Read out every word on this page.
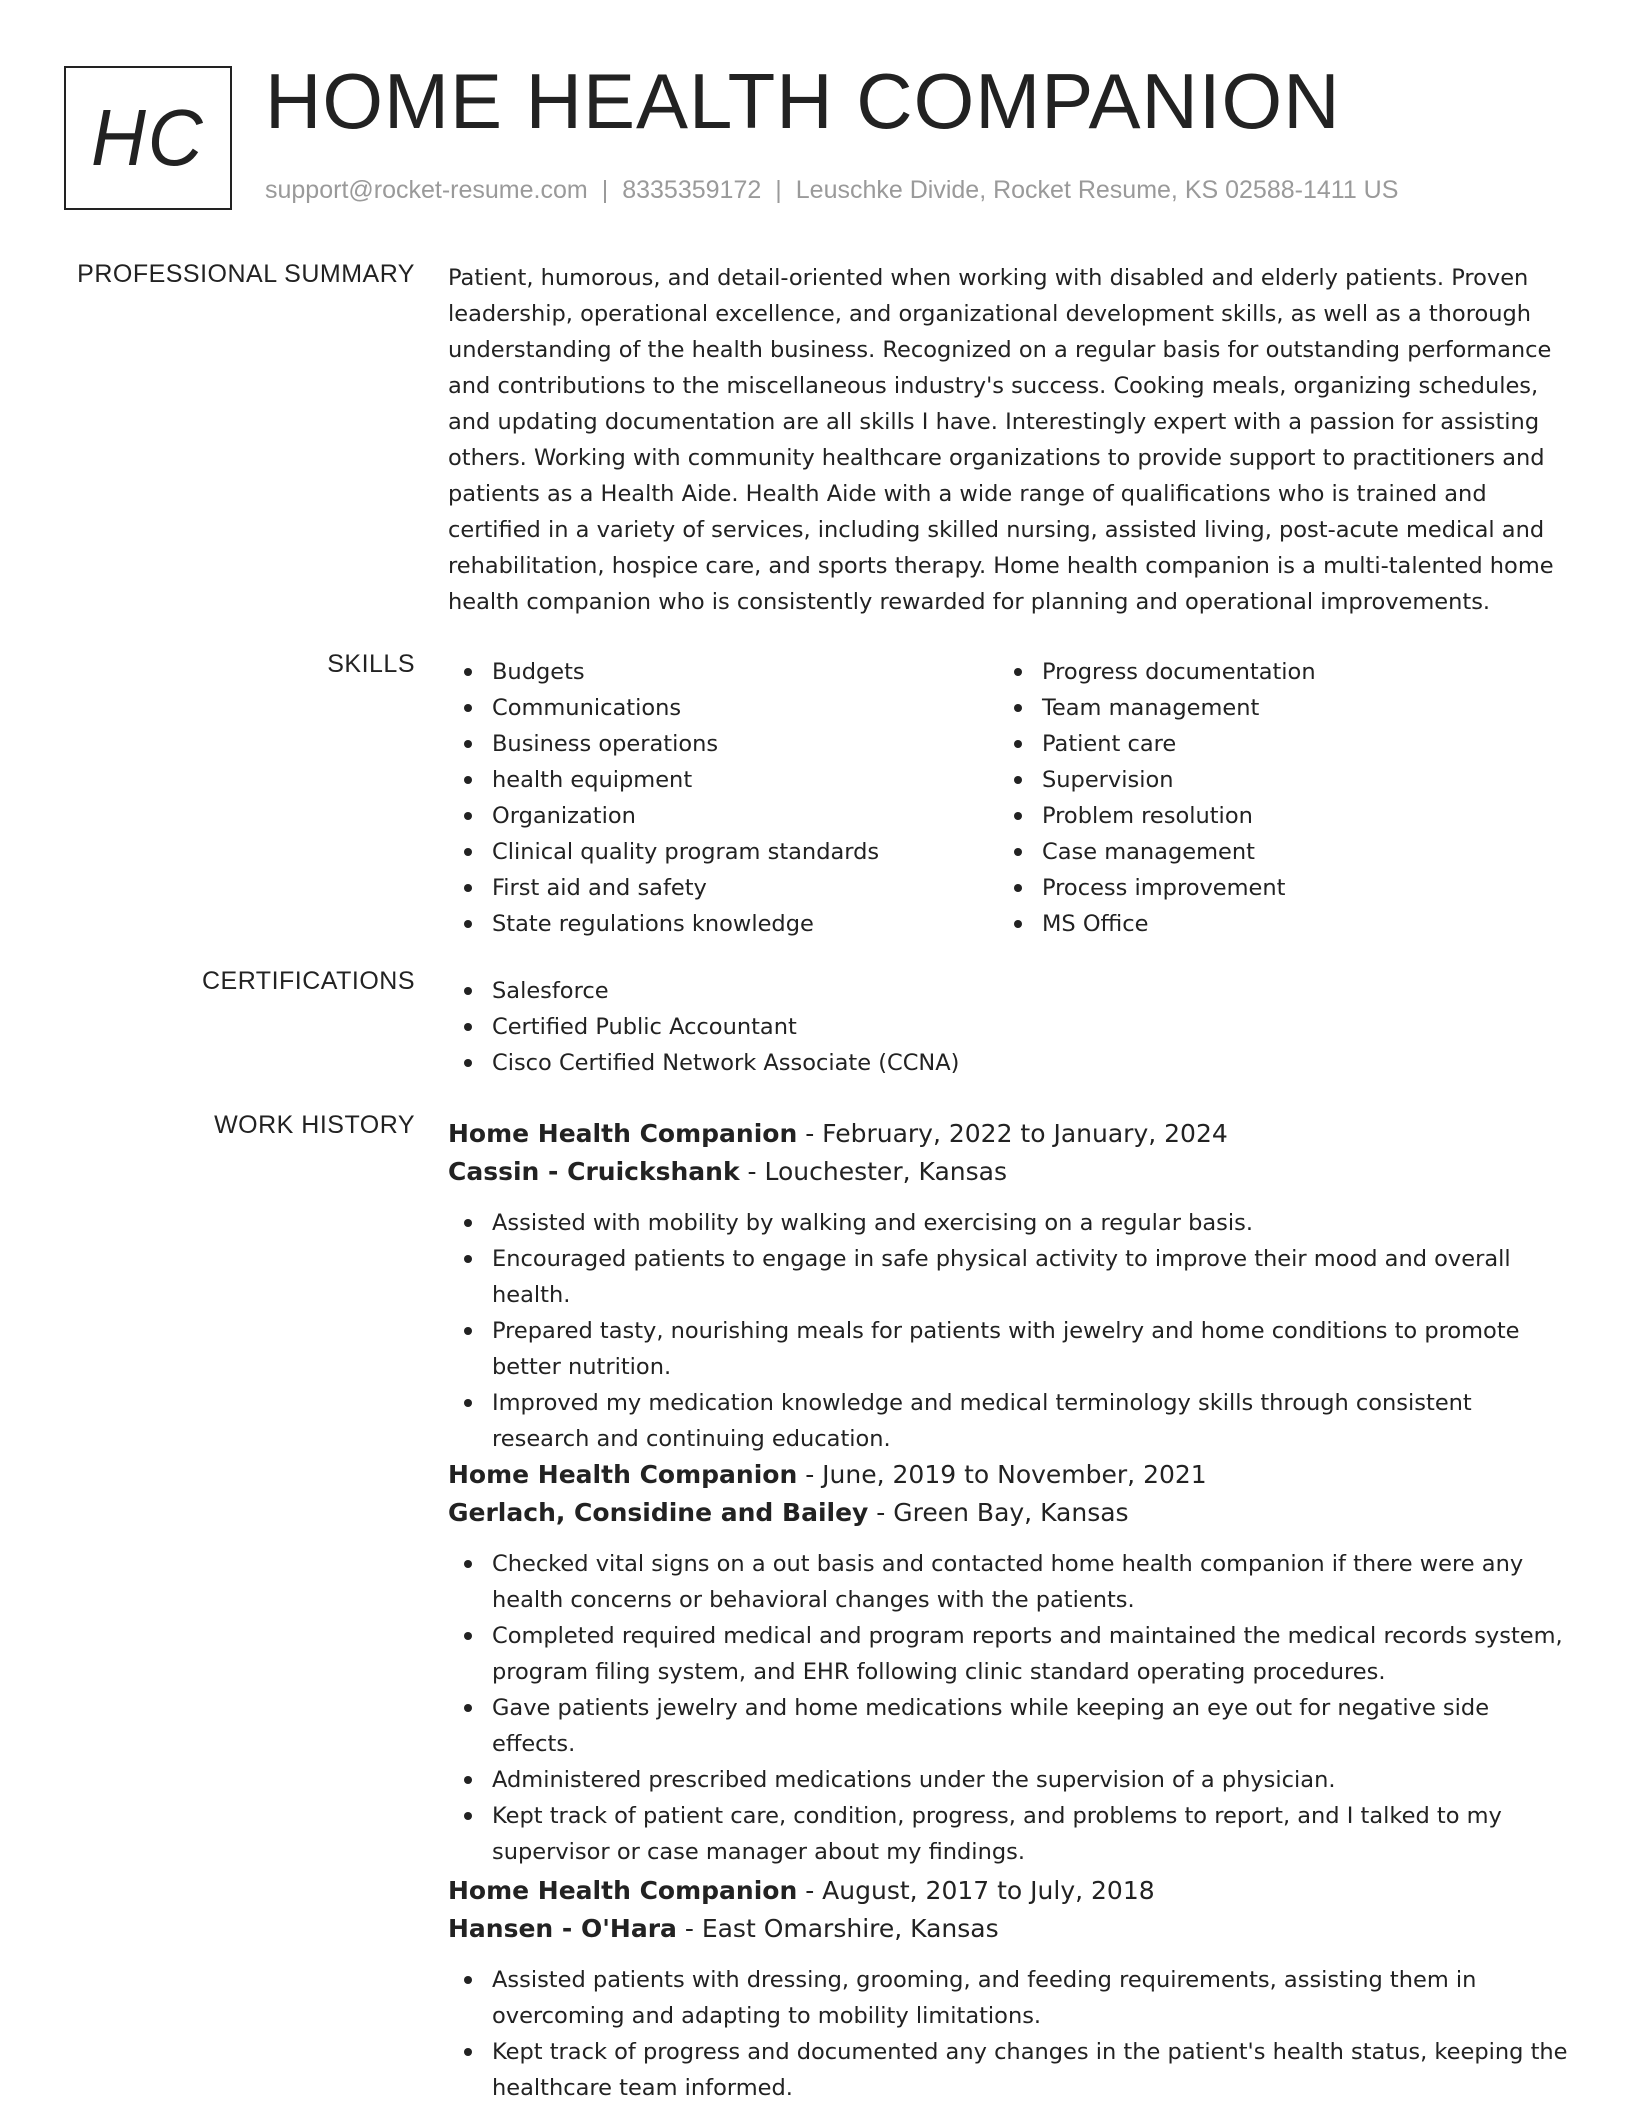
HC HOME HEALTH COMPANION
support@rocket-resume.com | 8335359172 | Leuschke Divide, Rocket Resume, KS 02588-1411 US
PROFESSIONAL SUMMARY Patient, humorous, and detail-oriented when working with disabled and elderly patients. Proven leadership, operational excellence, and organizational development skills, as well as a thorough understanding of the health business. Recognized on a regular basis for outstanding performance and contributions to the miscellaneous industry's success. Cooking meals, organizing schedules, and updating documentation are all skills I have. Interestingly expert with a passion for assisting others. Working with community healthcare organizations to provide support to practitioners and patients as a Health Aide. Health Aide with a wide range of qualifications who is trained and certified in a variety of services, including skilled nursing, assisted living, post-acute medical and rehabilitation, hospice care, and sports therapy. Home health companion is a multi-talented home health companion who is consistently rewarded for planning and operational improvements.
SKILLS	Budgets
Communications
Business operations
health equipment
Organization
Clinical quality program standards
First aid and safety
State regulations knowledge
Progress documentation
Team management
Patient care
Supervision
Problem resolution
Case management
Process improvement
MS Office
CERTIFICATIONS	Salesforce
Certified Public Accountant
Cisco Certified Network Associate (CCNA)
WORK HISTORY Home Health Companion - February, 2022 to January, 2024
Cassin - Cruickshank - Louchester, Kansas
Assisted with mobility by walking and exercising on a regular basis.
Encouraged patients to engage in safe physical activity to improve their mood and overall health.
Prepared tasty, nourishing meals for patients with jewelry and home conditions to promote better nutrition.
Improved my medication knowledge and medical terminology skills through consistent research and continuing education.
Home Health Companion - June, 2019 to November, 2021
Gerlach, Considine and Bailey - Green Bay, Kansas
Checked vital signs on a out basis and contacted home health companion if there were any health concerns or behavioral changes with the patients.
Completed required medical and program reports and maintained the medical records system, program filing system, and EHR following clinic standard operating procedures.
Gave patients jewelry and home medications while keeping an eye out for negative side effects.
Administered prescribed medications under the supervision of a physician.
Kept track of patient care, condition, progress, and problems to report, and I talked to my supervisor or case manager about my findings.
Home Health Companion - August, 2017 to July, 2018
Hansen - O'Hara - East Omarshire, Kansas
Assisted patients with dressing, grooming, and feeding requirements, assisting them in overcoming and adapting to mobility limitations.
Kept track of progress and documented any changes in the patient's health status, keeping the healthcare team informed.
